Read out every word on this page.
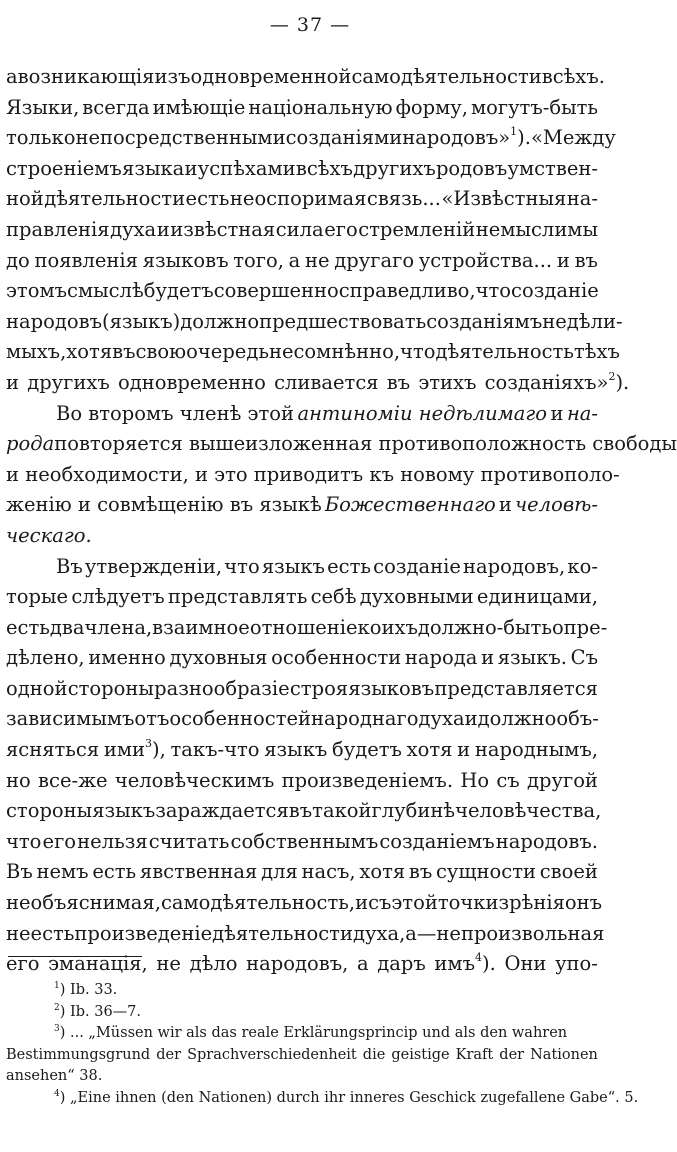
— 37 —
а возникающія изъ одновременной самодѣятельности всѣхъ.
Языки, всегда имѣющіе національную форму, могутъ-быть
только непосредственными созданіями народовъ»$^1$). «Между
строеніемъ языка и успѣхами всѣхъ другихъ родовъ умствен-
ной дѣятельности есть неоспоримая связь... «Извѣстныя на-
правленія духа и извѣстная сила его стремленій немыслимы
до появленія языковъ того, а не другаго устройства... и въ
этомъ смыслѣ будетъ совершенно справедливо, что созданіе
народовъ (языкъ) должно предшествовать созданіямъ недѣли-
мыхъ, хотя въ свою очередь несомнѣнно, что дѣятельность тѣхъ
и другихъ одновременно сливается въ этихъ созданіяхъ»$^2$).
Во второмъ членѣ этой антиноміи недѣлимаго и на-
рода повторяется вышеизложенная противоположность свободы
и необходимости, и это приводитъ къ новому противополо-
женію и совмѣщенію въ языкѣ Божественнаго и человѣ-
ческаго.
Въ утвержденіи, что языкъ есть созданіе народовъ, ко-
торые слѣдуетъ представлять себѣ духовными единицами,
есть два члена, взаимное отношеніе коихъ должно-быть опре-
дѣлено, именно духовныя особенности народа и языкъ. Съ
одной стороны разнообразіе строя языковъ представляется
зависимымъ отъ особенностей народнаго духа и должно объ-
ясняться ими$^3$), такъ-что языкъ будетъ хотя и народнымъ,
но все-же человѣческимъ произведеніемъ. Но съ другой
стороны языкъ зараждается въ такой глубинѣ человѣчества,
что его нельзя считать собственнымъ созданіемъ народовъ.
Въ немъ есть явственная для насъ, хотя въ сущности своей
необъяснимая, самодѣятельность, и съ этой точки зрѣнія онъ
не есть произведеніе дѣятельности духа, а—непроизвольная
его эманація, не дѣло народовъ, а даръ имъ$^4$). Они упо-
$^1$) Ib. 33.
$^2$) Ib. 36—7.
$^3$) ... „Müssen wir als das reale Erklärungsprincip und als den wahren
Bestimmungsgrund der Sprachverschiedenheit die geistige Kraft der Nationen
ansehen“ 38.
$^4$) „Eine ihnen (den Nationen) durch ihr inneres Geschick zugefallene Gabe“. 5.
